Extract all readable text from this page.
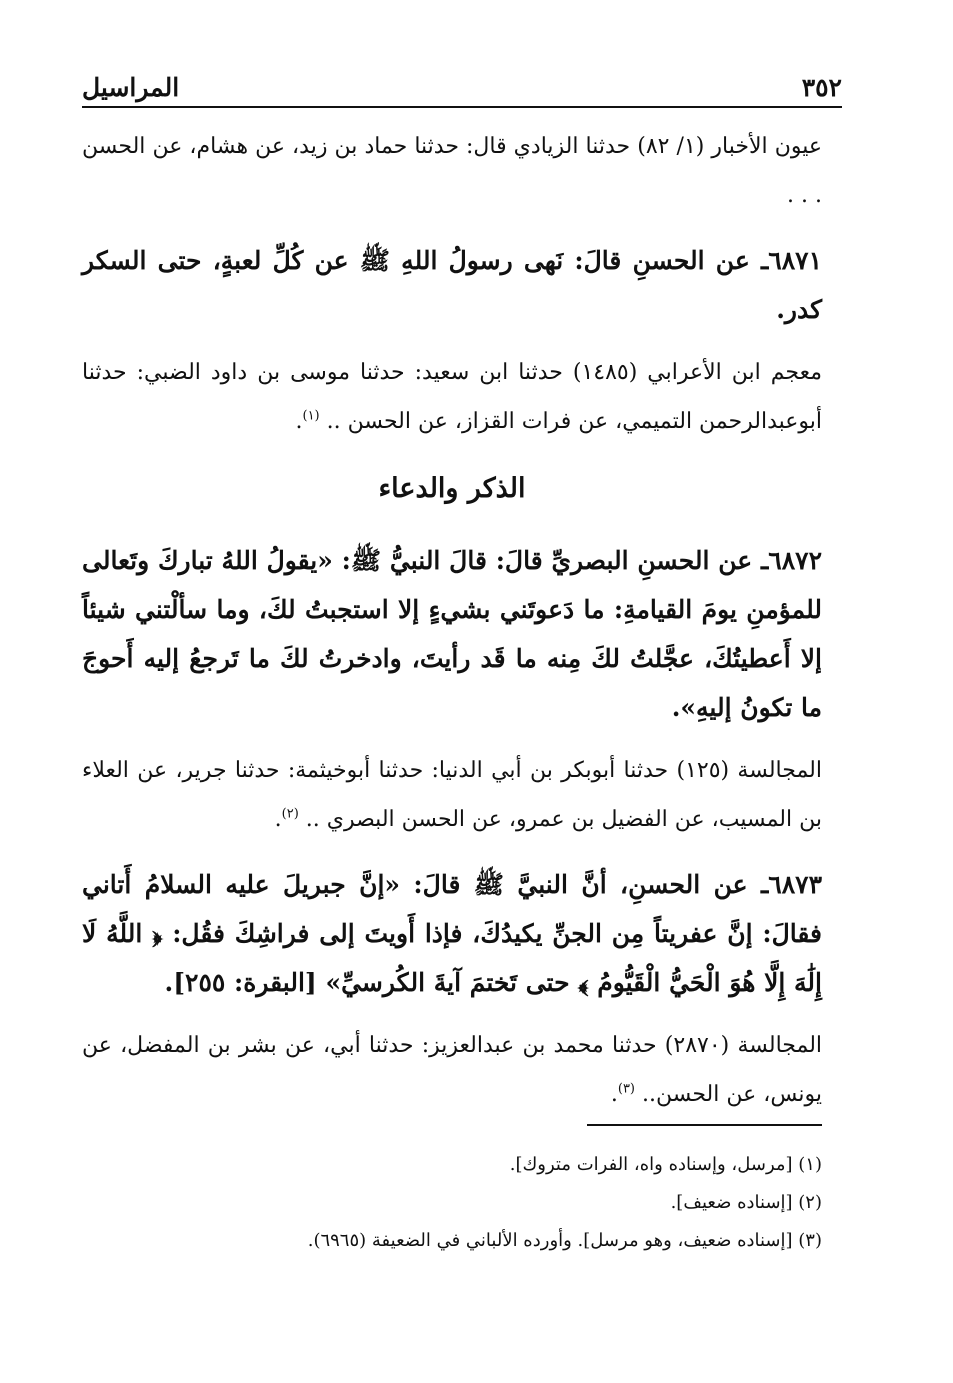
٣٥٢
المراسيل

عيون الأخبار (١/ ٨٢) حدثنا الزيادي قال: حدثنا حماد بن زيد، عن هشام، عن الحسن . . .

٦٨٧١ـ عن الحسنِ قالَ: نَهى رسولُ اللهِ ﷺ عن كُلِّ لعبةٍ، حتى السكر كدر.

معجم ابن الأعرابي (١٤٨٥) حدثنا ابن سعيد: حدثنا موسى بن داود الضبي: حدثنا أبوعبدالرحمن التميمي، عن فرات القزاز، عن الحسن .. $^{(١)}$.

الذكر والدعاء

٦٨٧٢ـ عن الحسنِ البصريِّ قالَ: قالَ النبيُّ ﷺ: «يقولُ اللهُ تباركَ وتَعالى للمؤمنِ يومَ القيامةِ: ما دَعوتَني بشيءٍ إلا استجبتُ لكَ، وما سألْتني شيئاً إلا أَعطيتُكَ، عجَّلتُ لكَ مِنه ما قَد رأيتَ، وادخرتُ لكَ ما تَرجعُ إليه أَحوجَ ما تكونُ إليهِ».

المجالسة (١٢٥) حدثنا أبوبكر بن أبي الدنيا: حدثنا أبوخيثمة: حدثنا جرير، عن العلاء بن المسيب، عن الفضيل بن عمرو، عن الحسن البصري .. $^{(٢)}$.

٦٨٧٣ـ عن الحسنِ، أنَّ النبيَّ ﷺ قالَ: «إنَّ جبريلَ عليه السلامُ أَتاني فقالَ: إنَّ عفريتاً مِن الجنِّ يكيدُكَ، فإذا أَويتَ إلى فراشِكَ فقُل: ﴿ اللَّهُ لَا إِلَٰهَ إِلَّا هُوَ الْحَيُّ الْقَيُّومُ ﴾ حتى تَختمَ آيةَ الكُرسيِّ» [البقرة: ٢٥٥].

المجالسة (٢٨٧٠) حدثنا محمد بن عبدالعزيز: حدثنا أبي، عن بشر بن المفضل، عن يونس، عن الحسن.. $^{(٣)}$.

(١) [مرسل، وإسناده واه، الفرات متروك].

(٢) [إسناده ضعيف].

(٣) [إسناده ضعيف، وهو مرسل]. وأورده الألباني في الضعيفة (٦٩٦٥).
